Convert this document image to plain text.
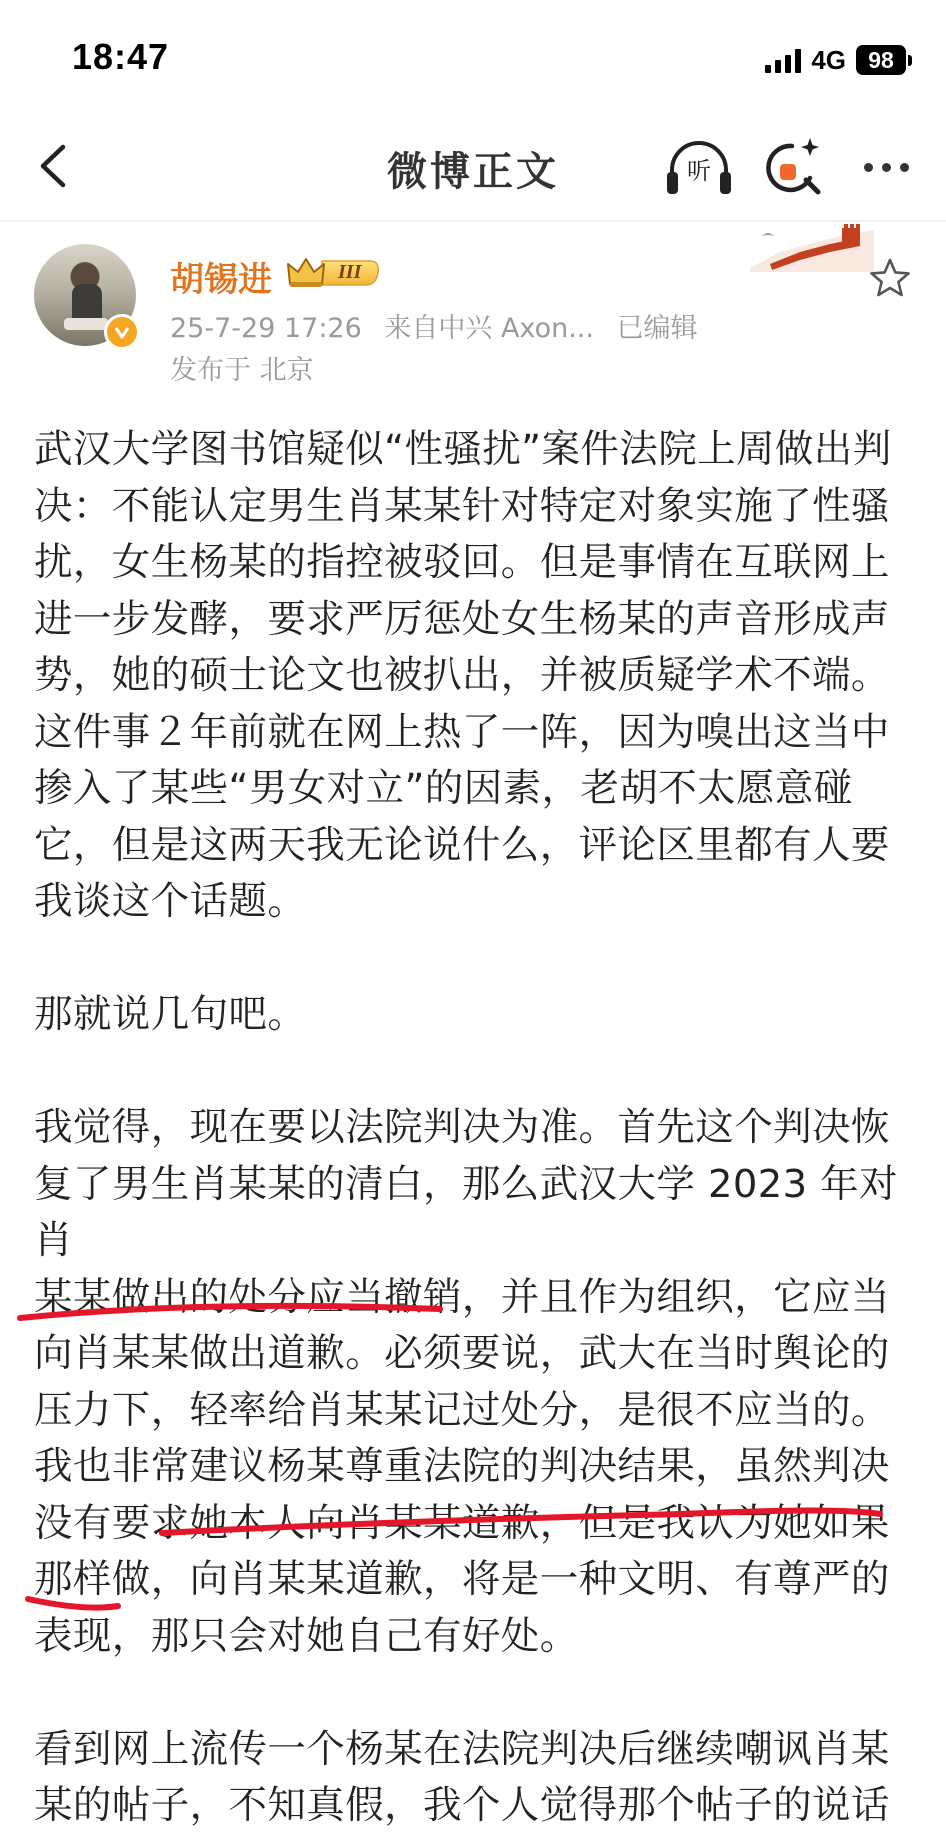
18:47	4G 98
微博正文	听
胡锡进	III
25-7-29 17:26 来自中兴 Axon... 已编辑
发布于 北京

武汉大学图书馆疑似“性骚扰”案件法院上周做出判

决：不能认定男生肖某某针对特定对象实施了性骚

扰，女生杨某的指控被驳回。但是事情在互联网上

进一步发酵，要求严厉惩处女生杨某的声音形成声

势，她的硕士论文也被扒出，并被质疑学术不端。

这件事２年前就在网上热了一阵，因为嗅出这当中

掺入了某些“男女对立”的因素，老胡不太愿意碰

它，但是这两天我无论说什么，评论区里都有人要

我谈这个话题。

那就说几句吧。

我觉得，现在要以法院判决为准。首先这个判决恢

复了男生肖某某的清白，那么武汉大学 2023 年对肖

某某做出的处分应当撤销，并且作为组织，它应当

向肖某某做出道歉。必须要说，武大在当时舆论的

压力下，轻率给肖某某记过处分，是很不应当的。

我也非常建议杨某尊重法院的判决结果，虽然判决

没有要求她本人向肖某某道歉，但是我认为她如果

那样做，向肖某某道歉，将是一种文明、有尊严的

表现，那只会对她自己有好处。

看到网上流传一个杨某在法院判决后继续嘲讽肖某

某的帖子，不知真假，我个人觉得那个帖子的说话
